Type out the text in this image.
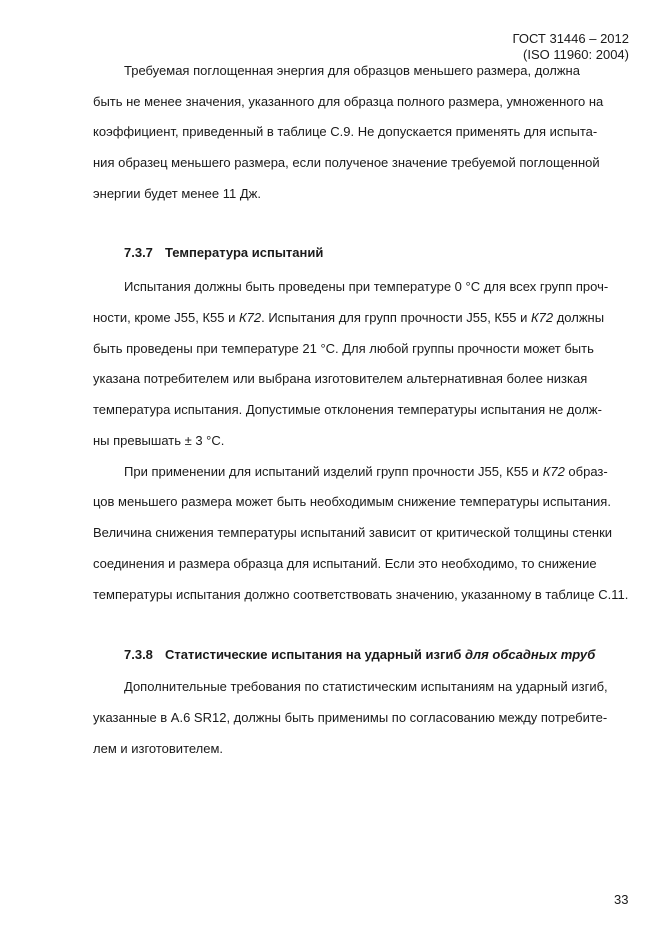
ГОСТ 31446 – 2012
(ISO 11960: 2004)
Требуемая поглощенная энергия для образцов меньшего размера, должна
быть не менее значения, указанного для образца полного размера, умноженного на
коэффициент, приведенный в таблице С.9. Не допускается применять для испыта-
ния образец меньшего размера, если полученое значение требуемой поглощенной
энергии будет менее 11 Дж.
7.3.7 Температура испытаний
Испытания должны быть проведены при температуре 0 °С для всех групп проч-
ности, кроме J55, К55 и К72. Испытания для групп прочности J55, К55 и К72 должны
быть проведены при температуре 21 °С. Для любой группы прочности может быть
указана потребителем или выбрана изготовителем альтернативная более низкая
температура испытания. Допустимые отклонения температуры испытания не долж-
ны превышать ± 3 °С.
При применении для испытаний изделий групп прочности J55, К55 и К72 образ-
цов меньшего размера может быть необходимым снижение температуры испытания.
Величина снижения температуры испытаний зависит от критической толщины стенки
соединения и размера образца для испытаний. Если это необходимо, то снижение
температуры испытания должно соответствовать значению, указанному в таблице С.11.
7.3.8 Статистические испытания на ударный изгиб для обсадных труб
Дополнительные требования по статистическим испытаниям на ударный изгиб,
указанные в А.6 SR12, должны быть применимы по согласованию между потребите-
лем и изготовителем.
33
